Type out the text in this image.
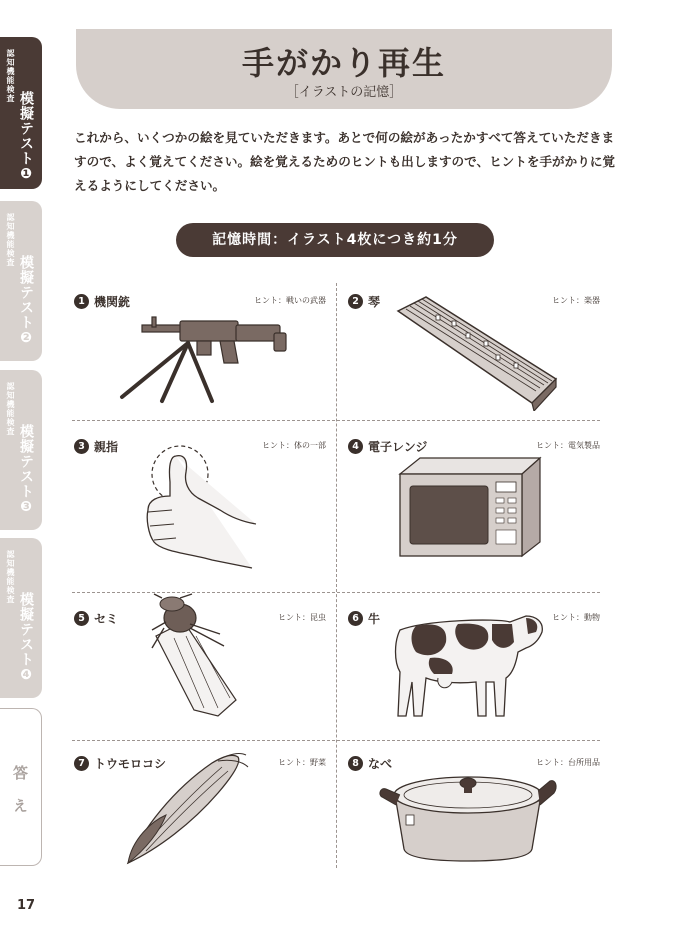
認知機能検査
模擬テスト❶
認知機能検査
模擬テスト❷
認知機能検査
模擬テスト❸
認知機能検査
模擬テスト❹
答え
17
手がかり再生
［イラストの記憶］
これから、いくつかの絵を見ていただきます。あとで何の絵があったかすべて答えていただきますので、よく覚えてください。絵を覚えるためのヒントも出しますので、ヒントを手がかりに覚えるようにしてください。
記憶時間：イラスト4枚につき約1分
1 機関銃	ヒント：戦いの武器	2 琴	ヒント：楽器
3 親指	ヒント：体の一部	4 電子レンジ	ヒント：電気製品
5 セミ	ヒント：昆虫	6 牛	ヒント：動物
7 トウモロコシ	ヒント：野菜	8 なべ	ヒント：台所用品
